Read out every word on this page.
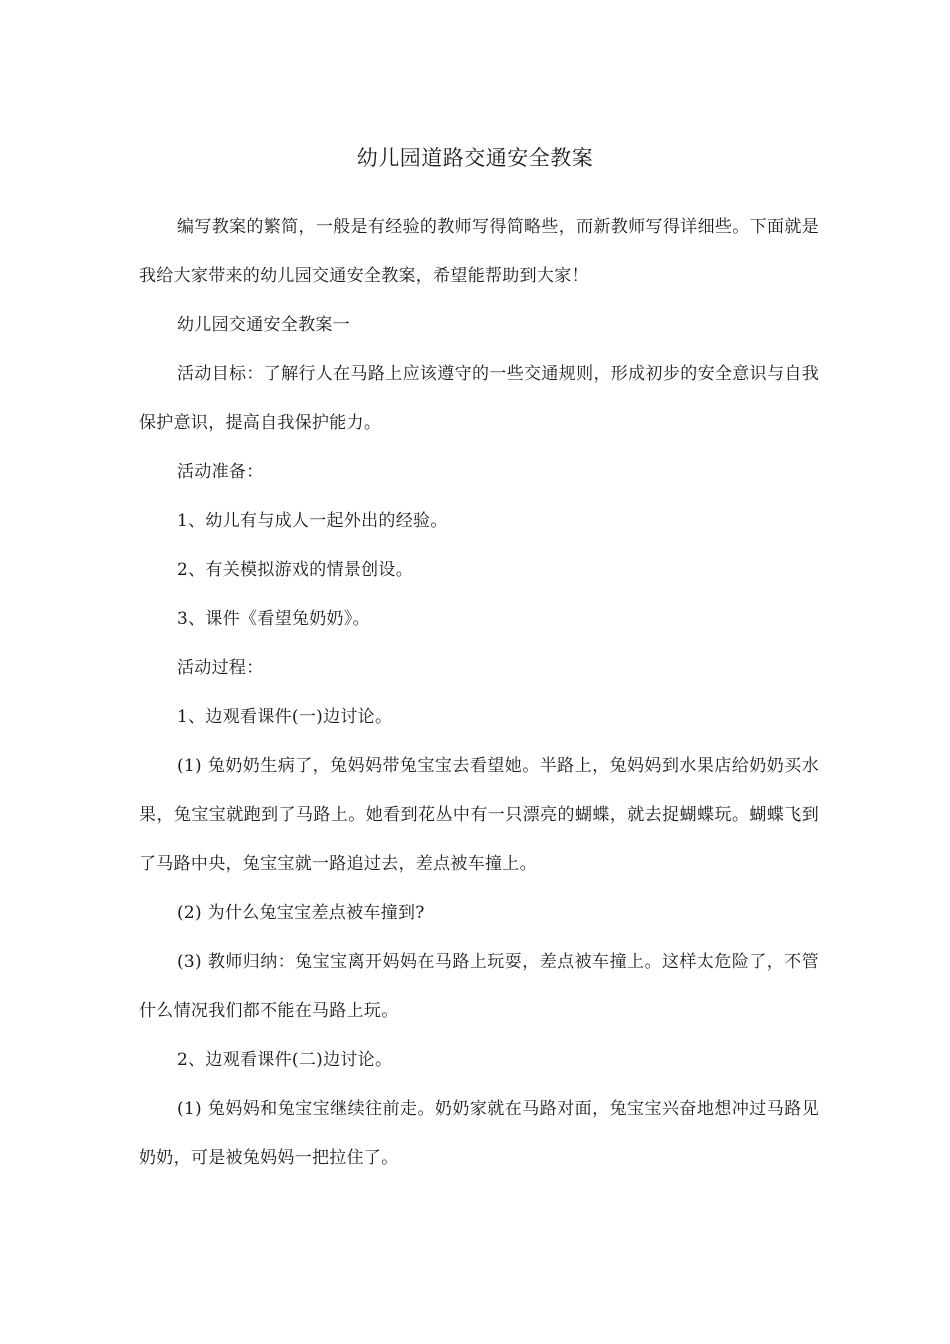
幼儿园道路交通安全教案

编写教案的繁简，一般是有经验的教师写得简略些，而新教师写得详细些。下面就是我给大家带来的幼儿园交通安全教案，希望能帮助到大家！

幼儿园交通安全教案一

活动目标：了解行人在马路上应该遵守的一些交通规则，形成初步的安全意识与自我保护意识，提高自我保护能力。

活动准备：

1、幼儿有与成人一起外出的经验。

2、有关模拟游戏的情景创设。

3、课件《看望兔奶奶》。

活动过程：

1、边观看课件(一)边讨论。

(1) 兔奶奶生病了，兔妈妈带兔宝宝去看望她。半路上，兔妈妈到水果店给奶奶买水果，兔宝宝就跑到了马路上。她看到花丛中有一只漂亮的蝴蝶，就去捉蝴蝶玩。蝴蝶飞到了马路中央，兔宝宝就一路追过去，差点被车撞上。

(2) 为什么兔宝宝差点被车撞到?

(3) 教师归纳：兔宝宝离开妈妈在马路上玩耍，差点被车撞上。这样太危险了，不管什么情况我们都不能在马路上玩。

2、边观看课件(二)边讨论。

(1) 兔妈妈和兔宝宝继续往前走。奶奶家就在马路对面，兔宝宝兴奋地想冲过马路见奶奶，可是被兔妈妈一把拉住了。
